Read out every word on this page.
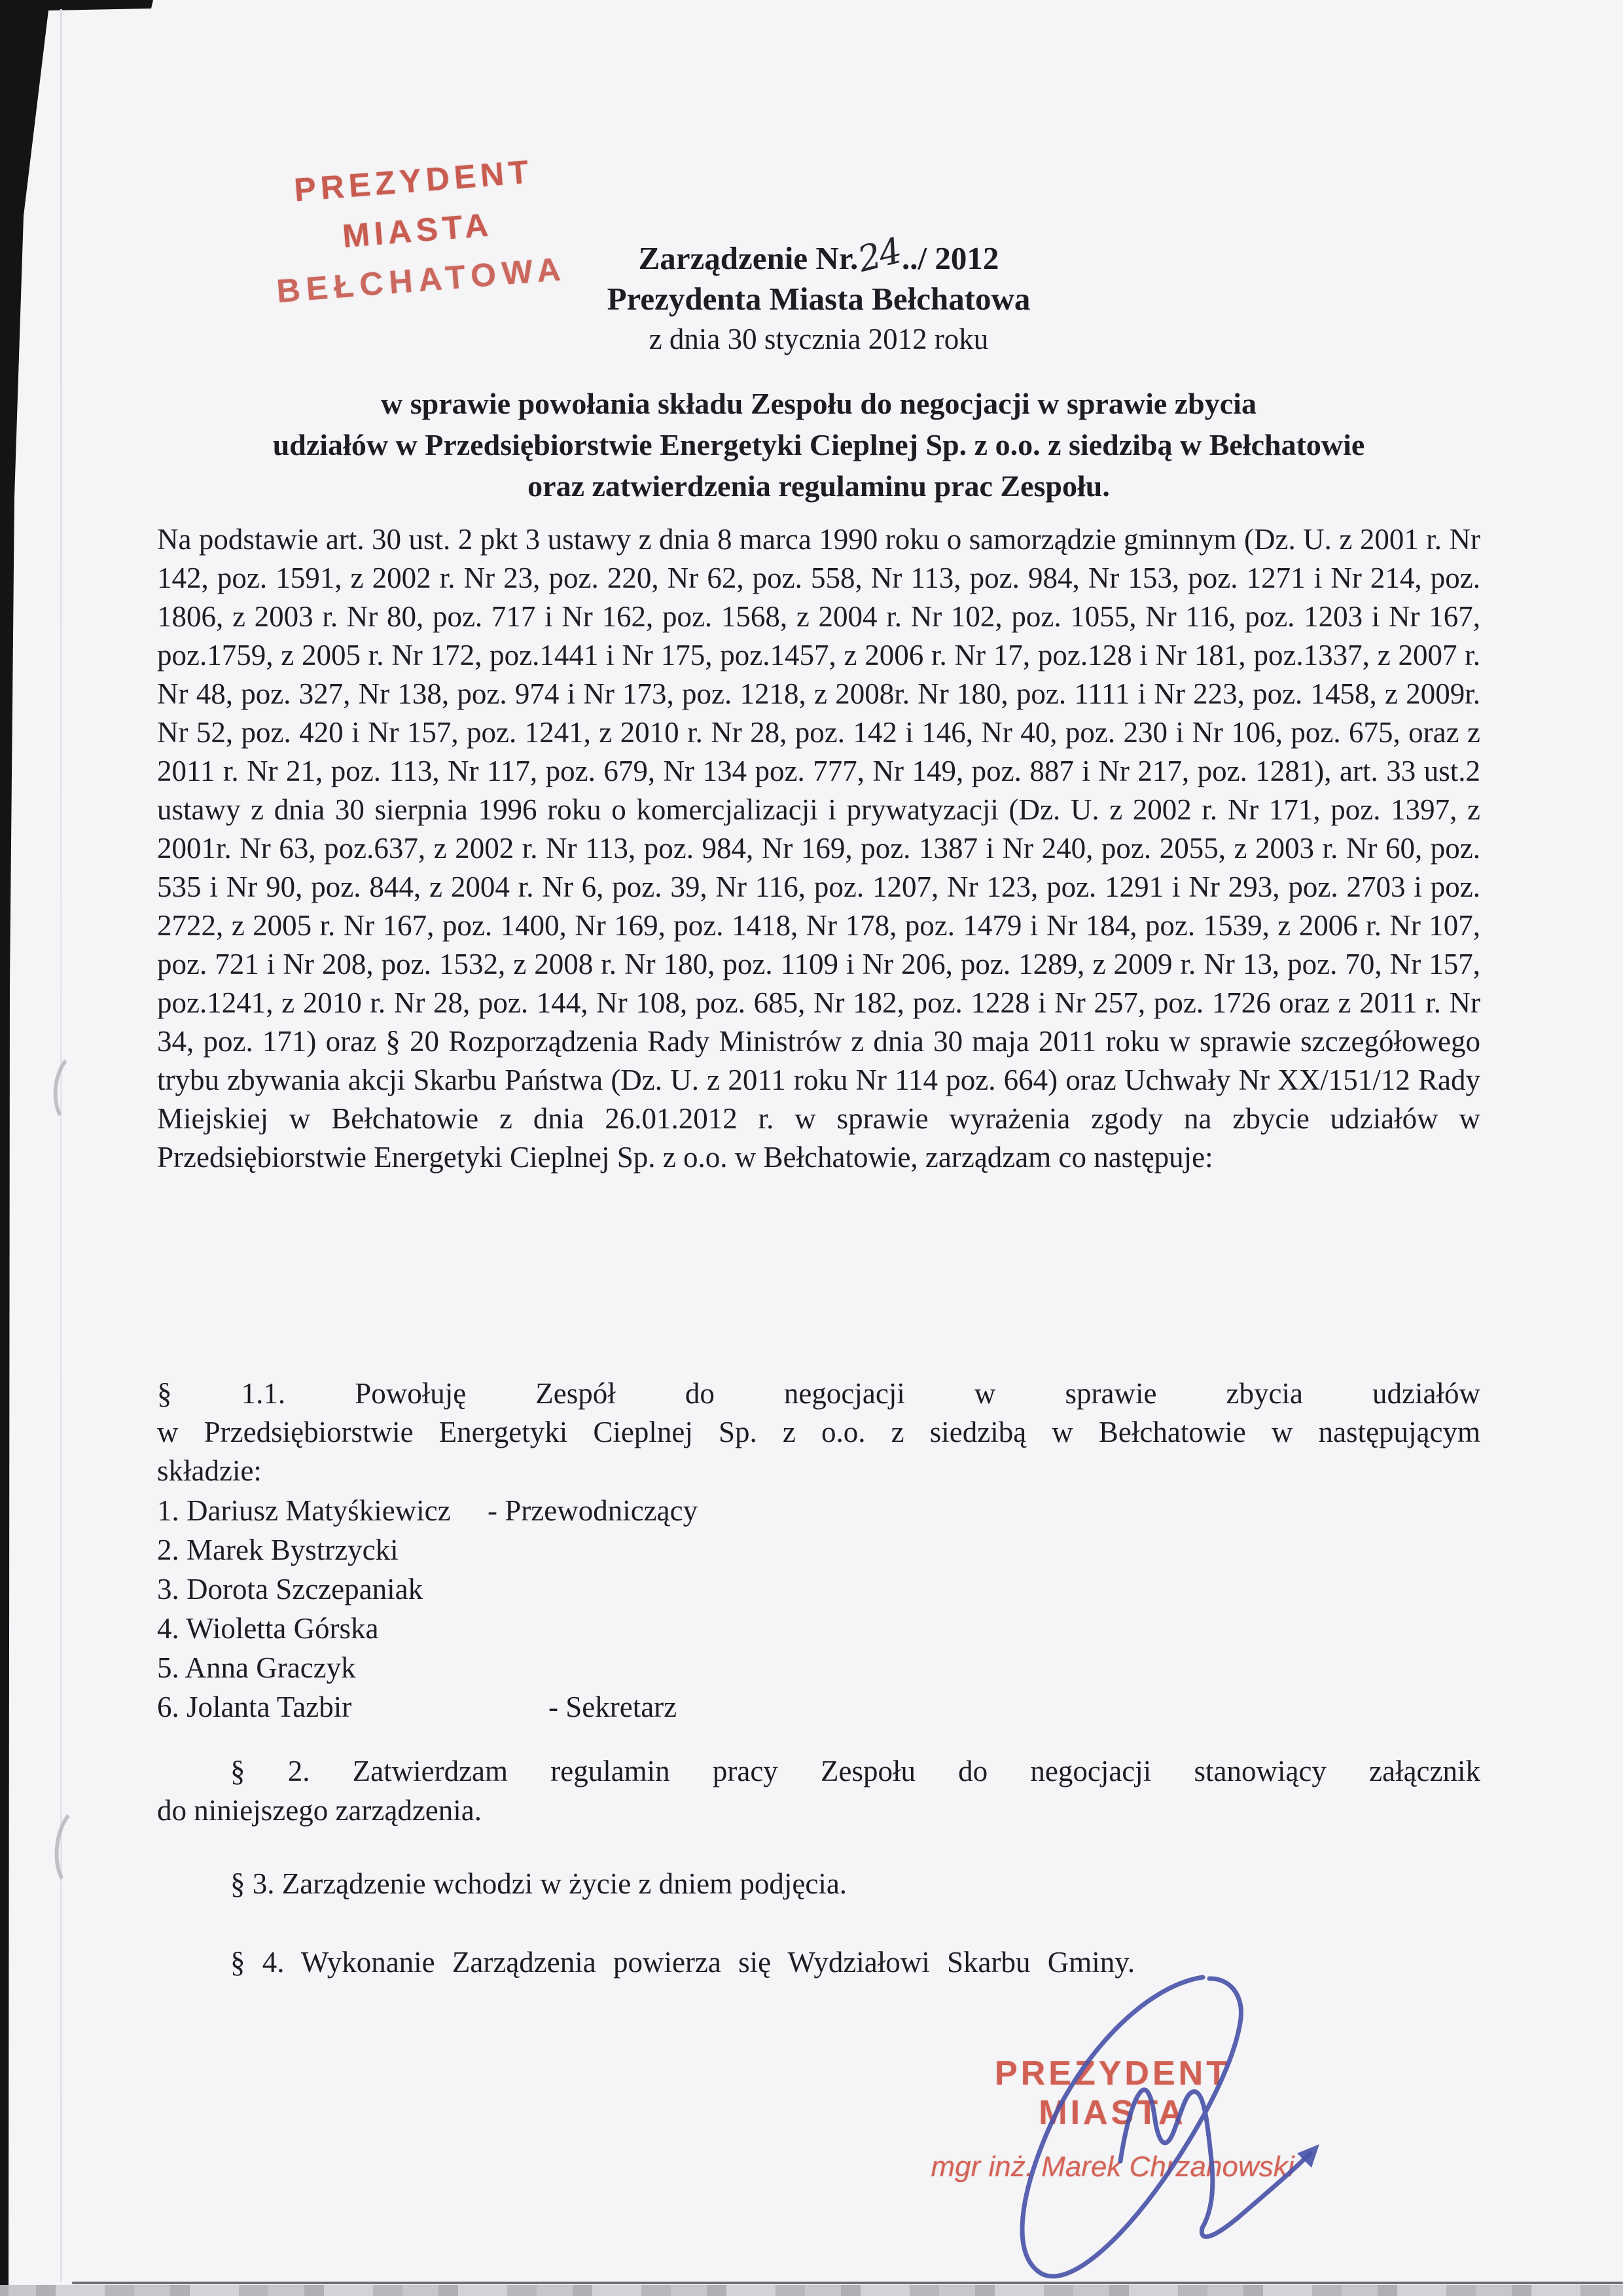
PREZYDENT MIASTA
BEŁCHATOWA	Zarządzenie Nr.24../ 2012
Prezydenta Miasta Bełchatowa
z dnia 30 stycznia 2012 roku
w sprawie powołania składu Zespołu do negocjacji w sprawie zbycia
udziałów w Przedsiębiorstwie Energetyki Cieplnej Sp. z o.o. z siedzibą w Bełchatowie
oraz zatwierdzenia regulaminu prac Zespołu.

Na podstawie art. 30 ust. 2 pkt 3 ustawy z dnia 8 marca 1990 roku o samorządzie gminnym (Dz. U. z 2001 r. Nr 142, poz. 1591, z 2002 r. Nr 23, poz. 220, Nr 62, poz. 558, Nr 113, poz. 984, Nr 153, poz. 1271 i Nr 214, poz. 1806, z 2003 r. Nr 80, poz. 717 i Nr 162, poz. 1568, z 2004 r. Nr 102, poz. 1055, Nr 116, poz. 1203 i Nr 167, poz.1759, z 2005 r. Nr 172, poz.1441 i Nr 175, poz.1457, z 2006 r. Nr 17, poz.128 i Nr 181, poz.1337, z 2007 r. Nr 48, poz. 327, Nr 138, poz. 974 i Nr 173, poz. 1218, z 2008r. Nr 180, poz. 1111 i Nr 223, poz. 1458, z 2009r. Nr 52, poz. 420 i Nr 157, poz. 1241, z 2010 r. Nr 28, poz. 142 i 146, Nr 40, poz. 230 i Nr 106, poz. 675, oraz z 2011 r. Nr 21, poz. 113, Nr 117, poz. 679, Nr 134 poz. 777, Nr 149, poz. 887 i Nr 217, poz. 1281), art. 33 ust.2 ustawy z dnia 30 sierpnia 1996 roku o komercjalizacji i prywatyzacji (Dz. U. z 2002 r. Nr 171, poz. 1397, z 2001r. Nr 63, poz.637, z 2002 r. Nr 113, poz. 984, Nr 169, poz. 1387 i Nr 240, poz. 2055, z 2003 r. Nr 60, poz. 535 i Nr 90, poz. 844, z 2004 r. Nr 6, poz. 39, Nr 116, poz. 1207, Nr 123, poz. 1291 i Nr 293, poz. 2703 i poz. 2722, z 2005 r. Nr 167, poz. 1400, Nr 169, poz. 1418, Nr 178, poz. 1479 i Nr 184, poz. 1539, z 2006 r. Nr 107, poz. 721 i Nr 208, poz. 1532, z 2008 r. Nr 180, poz. 1109 i Nr 206, poz. 1289, z 2009 r. Nr 13, poz. 70, Nr 157, poz.1241, z 2010 r. Nr 28, poz. 144, Nr 108, poz. 685, Nr 182, poz. 1228 i Nr 257, poz. 1726 oraz z 2011 r. Nr 34, poz. 171) oraz § 20 Rozporządzenia Rady Ministrów z dnia 30 maja 2011 roku w sprawie szczegółowego trybu zbywania akcji Skarbu Państwa (Dz. U. z 2011 roku Nr 114 poz. 664) oraz Uchwały Nr XX/151/12 Rady Miejskiej w Bełchatowie z dnia 26.01.2012 r. w sprawie wyrażenia zgody na zbycie udziałów w Przedsiębiorstwie Energetyki Cieplnej Sp. z o.o. w Bełchatowie, zarządzam co następuje:

§ 1.1. Powołuję Zespół do negocjacji w sprawie zbycia udziałów
w Przedsiębiorstwie Energetyki Cieplnej Sp. z o.o. z siedzibą w Bełchatowie w następującym
składzie:
1. Dariusz Matyśkiewicz	- Przewodniczący
2. Marek Bystrzycki
3. Dorota Szczepaniak
4. Wioletta Górska
5. Anna Graczyk
6. Jolanta Tazbir	- Sekretarz
§ 2. Zatwierdzam regulamin pracy Zespołu do negocjacji stanowiący załącznik
do niniejszego zarządzenia.

§ 3. Zarządzenie wchodzi w życie z dniem podjęcia.

§ 4. Wykonanie Zarządzenia powierza się Wydziałowi Skarbu Gminy.

PREZYDENT MIASTA
mgr inż. Marek Chrzanowski
